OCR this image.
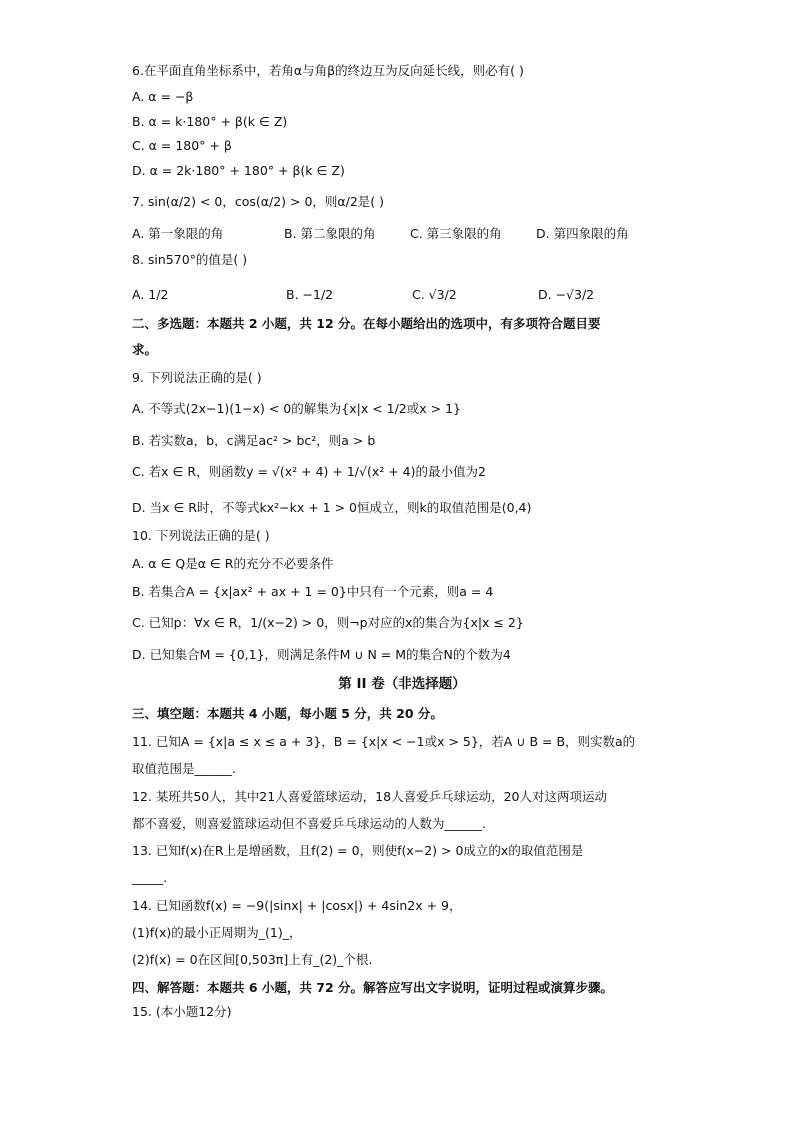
6.在平面直角坐标系中，若角α与角β的终边互为反向延长线，则必有( )
A. α = −β
B. α = k·180° + β(k ∈ Z)
C. α = 180° + β
D. α = 2k·180° + 180° + β(k ∈ Z)
7. sin(α/2) < 0，cos(α/2) > 0，则α/2是( )
A. 第一象限的角	B. 第二象限的角	C. 第三象限的角	D. 第四象限的角
8. sin570°的值是( )
A. 1/2	B. −1/2	C. √3/2	D. −√3/2
二、多选题：本题共 2 小题，共 12 分。在每小题给出的选项中，有多项符合题目要
求。
9. 下列说法正确的是( )
A. 不等式(2x−1)(1−x) < 0的解集为{x|x < 1/2或x > 1}
B. 若实数a，b，c满足ac² > bc²，则a > b
C. 若x ∈ R，则函数y = √(x² + 4) + 1/√(x² + 4)的最小值为2
D. 当x ∈ R时，不等式kx²−kx + 1 > 0恒成立，则k的取值范围是(0,4)
10. 下列说法正确的是( )
A. α ∈ Q是α ∈ R的充分不必要条件
B. 若集合A = {x|ax² + ax + 1 = 0}中只有一个元素，则a = 4
C. 已知p：∀x ∈ R，1/(x−2) > 0，则¬p对应的x的集合为{x|x ≤ 2}
D. 已知集合M = {0,1}，则满足条件M ∪ N = M的集合N的个数为4
第 II 卷（非选择题）
三、填空题：本题共 4 小题，每小题 5 分，共 20 分。
11. 已知A = {x|a ≤ x ≤ a + 3}，B = {x|x < −1或x > 5}，若A ∪ B = B，则实数a的
取值范围是______.
12. 某班共50人，其中21人喜爱篮球运动，18人喜爱乒乓球运动，20人对这两项运动
都不喜爱，则喜爱篮球运动但不喜爱乒乓球运动的人数为______.
13. 已知f(x)在R上是增函数，且f(2) = 0，则使f(x−2) > 0成立的x的取值范围是
_____.
14. 已知函数f(x) = −9(|sinx| + |cosx|) + 4sin2x + 9，
(1)f(x)的最小正周期为_(1)_，
(2)f(x) = 0在区间[0,503π]上有_(2)_个根.
四、解答题：本题共 6 小题，共 72 分。解答应写出文字说明，证明过程或演算步骤。
15. (本小题12分)
